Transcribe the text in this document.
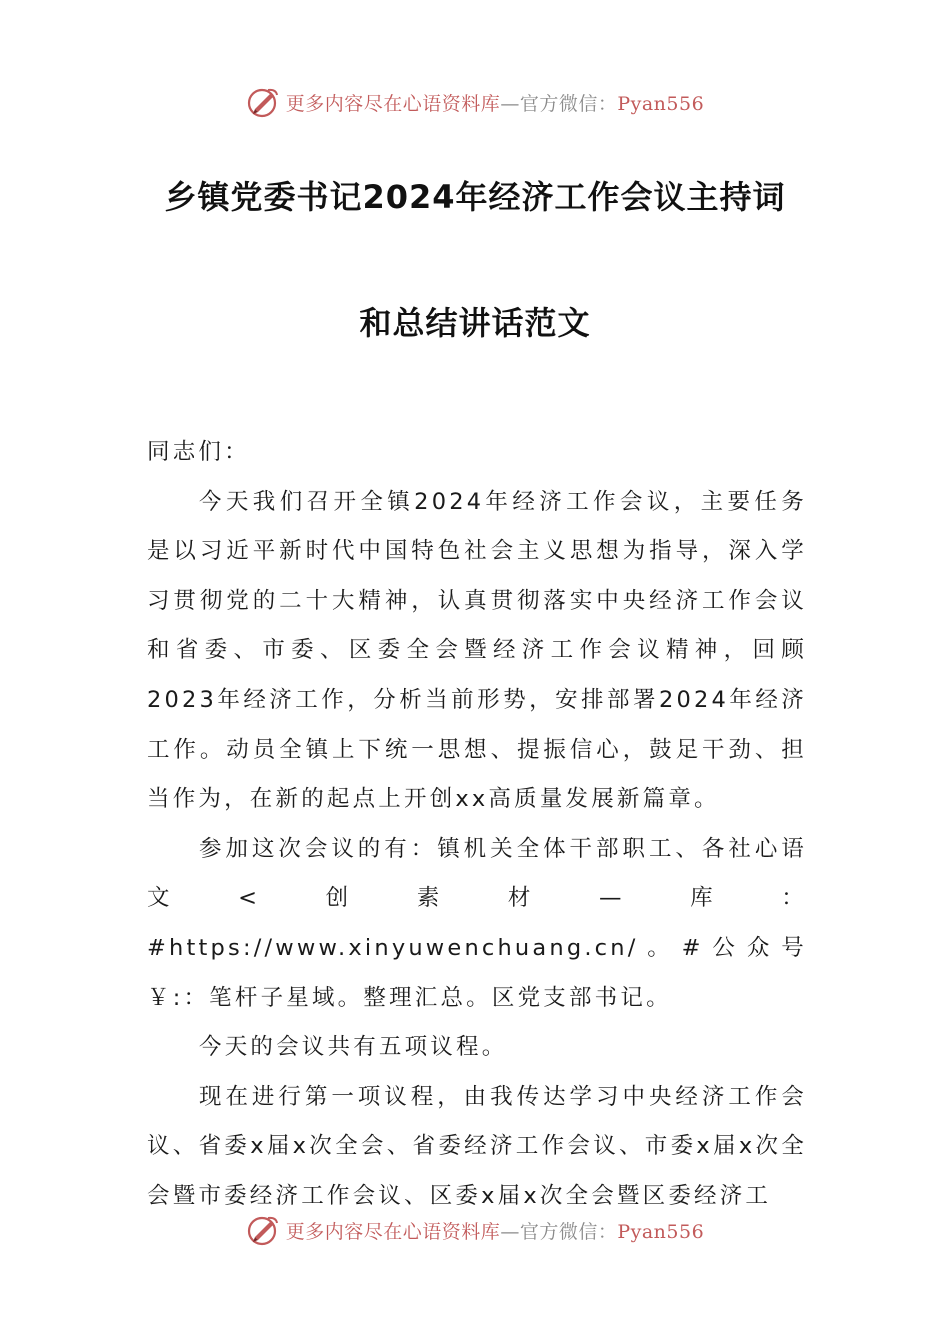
更多内容尽在心语资料库—官方微信：Pyan556
乡镇党委书记2024年经济工作会议主持词
和总结讲话范文

同志们：

今天我们召开全镇2024年经济工作会议，主要任务是以习近平新时代中国特色社会主义思想为指导，深入学习贯彻党的二十大精神，认真贯彻落实中央经济工作会议和省委、市委、区委全会暨经济工作会议精神，回顾2023年经济工作，分析当前形势，安排部署2024年经济工作。动员全镇上下统一思想、提振信心，鼓足干劲、担当作为，在新的起点上开创xx高质量发展新篇章。

参加这次会议的有：镇机关全体干部职工、各社心语文<创素材—库：#https://www.xinyuwenchuang.cn/。#公众号￥:：笔杆子星域。整理汇总。区党支部书记。

今天的会议共有五项议程。

现在进行第一项议程，由我传达学习中央经济工作会议、省委x届x次全会、省委经济工作会议、市委x届x次全会暨市委经济工作会议、区委x届x次全会暨区委经济工

更多内容尽在心语资料库—官方微信：Pyan556
